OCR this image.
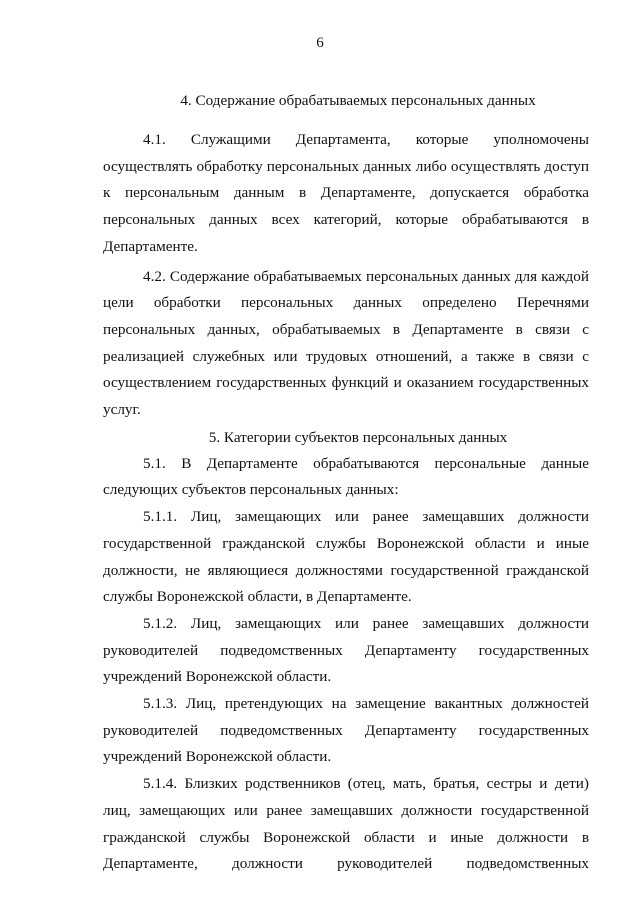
6

4. Содержание обрабатываемых персональных данных

4.1. Служащими Департамента, которые уполномочены осуществлять обработку персональных данных либо осуществлять доступ к персональным данным в Департаменте, допускается обработка персональных данных всех категорий, которые обрабатываются в Департаменте.

4.2. Содержание обрабатываемых персональных данных для каждой цели обработки персональных данных определено Перечнями персональных данных, обрабатываемых в Департаменте в связи с реализацией служебных или трудовых отношений, а также в связи с осуществлением государственных функций и оказанием государственных услуг.

5. Категории субъектов персональных данных

5.1. В Департаменте обрабатываются персональные данные следующих субъектов персональных данных:

5.1.1. Лиц, замещающих или ранее замещавших должности государственной гражданской службы Воронежской области и иные должности, не являющиеся должностями государственной гражданской службы Воронежской области, в Департаменте.

5.1.2. Лиц, замещающих или ранее замещавших должности руководителей подведомственных Департаменту государственных учреждений Воронежской области.

5.1.3. Лиц, претендующих на замещение вакантных должностей руководителей подведомственных Департаменту государственных учреждений Воронежской области.

5.1.4. Близких родственников (отец, мать, братья, сестры и дети) лиц, замещающих или ранее замещавших должности государственной гражданской службы Воронежской области и иные должности в Департаменте, должности руководителей подведомственных
